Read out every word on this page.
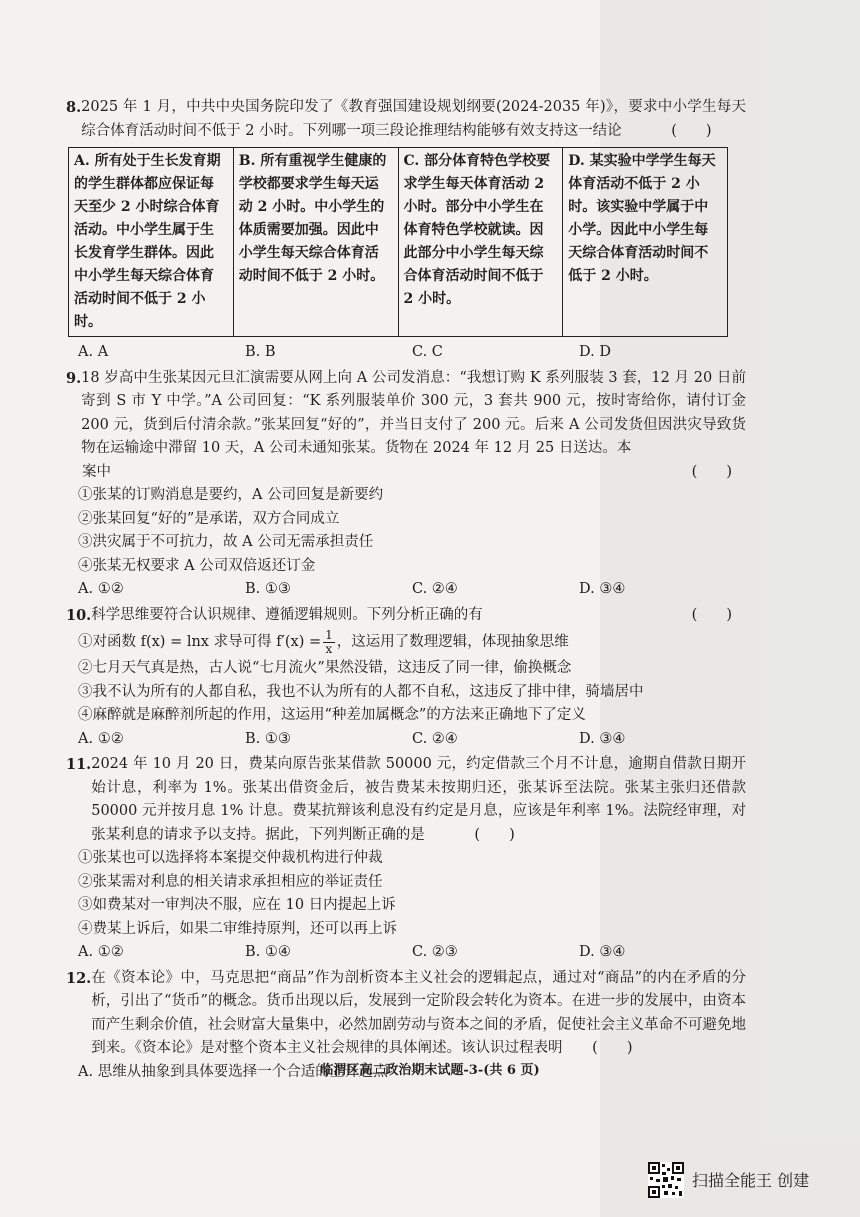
8. 2025 年 1 月，中共中央国务院印发了《教育强国建设规划纲要(2024-2035 年)》，要求中小学生每天综合体育活动时间不低于 2 小时。下列哪一项三段论推理结构能够有效支持这一结论	(　　)
A. 所有处于生长发育期的学生群体都应保证每天至少 2 小时综合体育活动。中小学生属于生长发育学生群体。因此中小学生每天综合体育活动时间不低于 2 小时。	B. 所有重视学生健康的学校都要求学生每天运动 2 小时。中小学生的体质需要加强。因此中小学生每天综合体育活动时间不低于 2 小时。	C. 部分体育特色学校要求学生每天体育活动 2 小时。部分中小学生在体育特色学校就读。因此部分中小学生每天综合体育活动时间不低于 2 小时。	D. 某实验中学学生每天体育活动不低于 2 小时。该实验中学属于中小学。因此中小学生每天综合体育活动时间不低于 2 小时。
A. A	B. B	C. C	D. D
9. 18 岁高中生张某因元旦汇演需要从网上向 A 公司发消息：“我想订购 K 系列服装 3 套，12 月 20 日前寄到 S 市 Y 中学。”A 公司回复：“K 系列服装单价 300 元，3 套共 900 元，按时寄给你，请付订金 200 元，货到后付清余款。”张某回复“好的”，并当日支付了 200 元。后来 A 公司发货但因洪灾导致货物在运输途中滞留 10 天，A 公司未通知张某。货物在 2024 年 12 月 25 日送达。本
案中	(　　)
①张某的订购消息是要约，A 公司回复是新要约
②张某回复“好的”是承诺，双方合同成立
③洪灾属于不可抗力，故 A 公司无需承担责任
④张某无权要求 A 公司双倍返还订金
A. ①②	B. ①③	C. ②④	D. ③④
10. 科学思维要符合认识规律、遵循逻辑规则。下列分析正确的有	(　　)
①对函数 f(x) = lnx 求导可得 $f'(x) = \frac{1}{x}$ ，这运用了数理逻辑，体现抽象思维
②七月天气真是热，古人说“七月流火”果然没错，这违反了同一律，偷换概念
③我不认为所有的人都自私，我也不认为所有的人都不自私，这违反了排中律，骑墙居中
④麻醉就是麻醉剂所起的作用，这运用“种差加属概念”的方法来正确地下了定义
A. ①②	B. ①③	C. ②④	D. ③④
11. 2024 年 10 月 20 日，费某向原告张某借款 50000 元，约定借款三个月不计息，逾期自借款日期开始计息，利率为 1%。张某出借资金后，被告费某未按期归还，张某诉至法院。张某主张归还借款 50000 元并按月息 1% 计息。费某抗辩该利息没有约定是月息，应该是年利率 1%。法院经审理，对张某利息的请求予以支持。据此，下列判断正确的是	(　　)
①张某也可以选择将本案提交仲裁机构进行仲裁
②张某需对利息的相关请求承担相应的举证责任
③如费某对一审判决不服，应在 10 日内提起上诉
④费某上诉后，如果二审维持原判，还可以再上诉
A. ①②	B. ①④	C. ②③	D. ③④
12. 在《资本论》中，马克思把“商品”作为剖析资本主义社会的逻辑起点，通过对“商品”的内在矛盾的分析，引出了“货币”的概念。货币出现以后，发展到一定阶段会转化为资本。在进一步的发展中，由资本而产生剩余价值，社会财富大量集中，必然加剧劳动与资本之间的矛盾，促使社会主义革命不可避免地到来。《资本论》是对整个资本主义社会规律的具体阐述。该认识过程表明 (　　)
A. 思维从抽象到具体要选择一个合适的上升起点
临渭区高二政治期末试题-3-(共 6 页)
扫描全能王 创建
